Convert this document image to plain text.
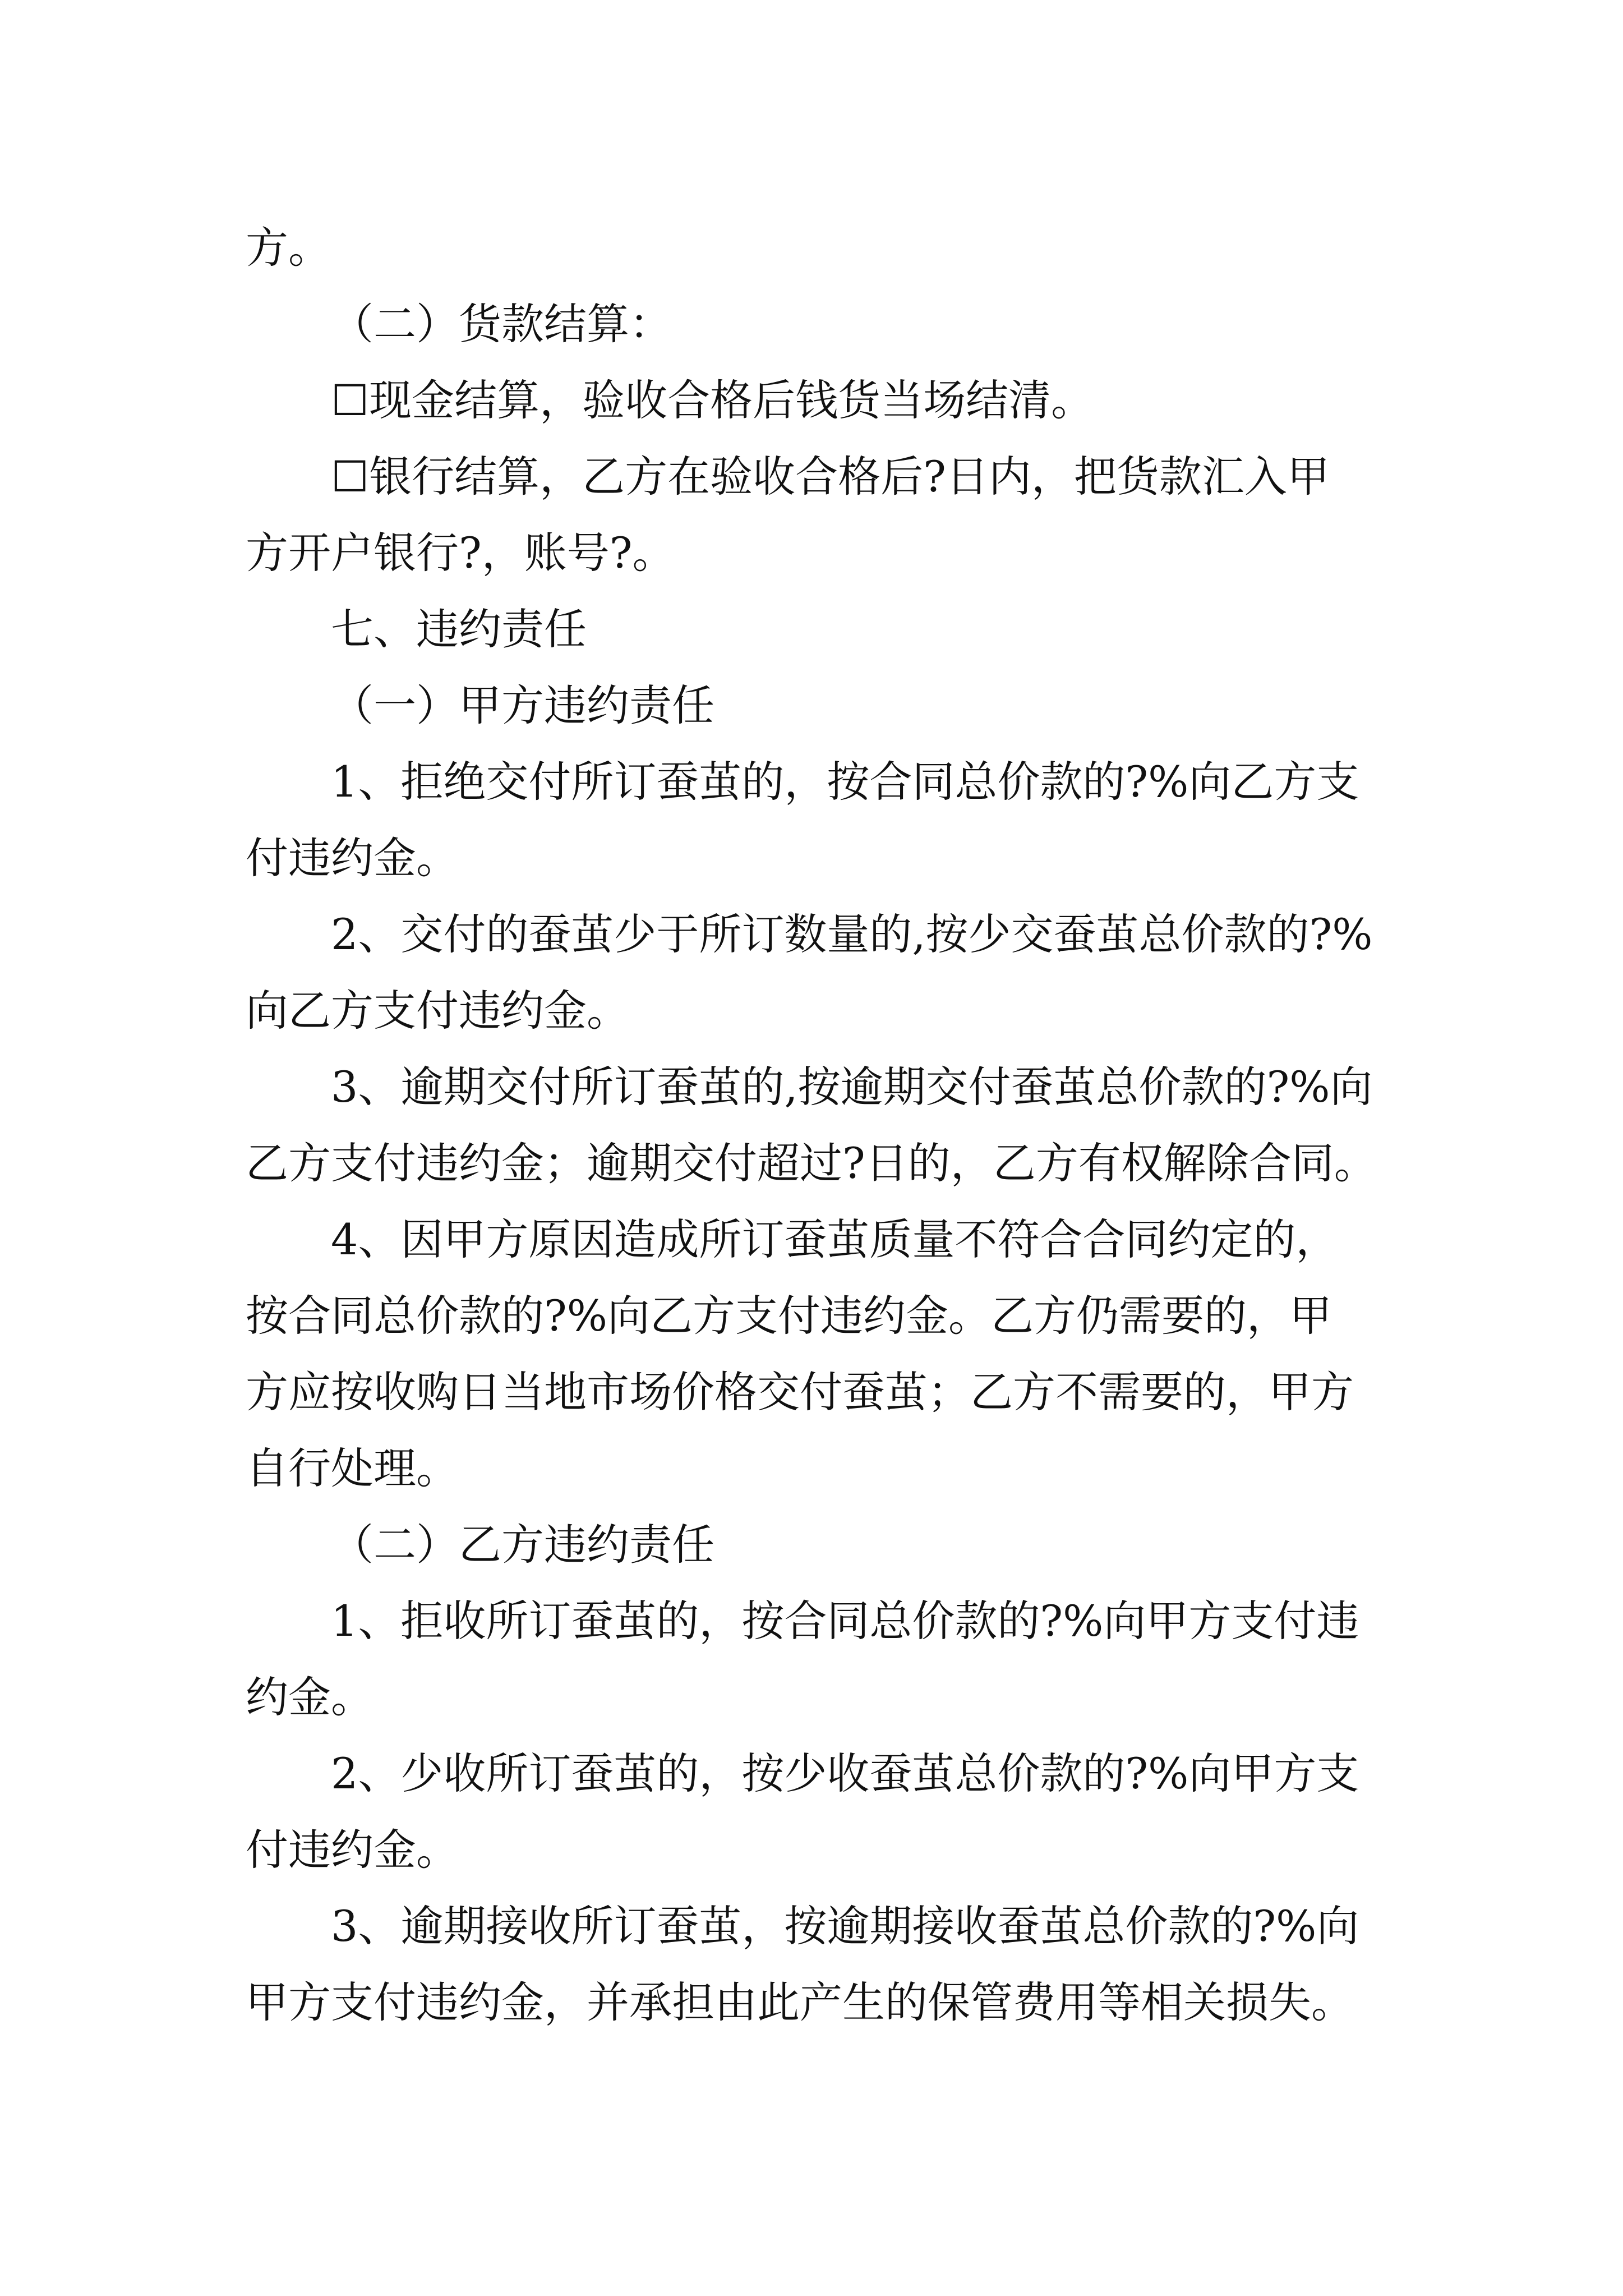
方。
（二）货款结算：
☐现金结算，验收合格后钱货当场结清。
☐银行结算，乙方在验收合格后?日内，把货款汇入甲
方开户银行?，账号?。
七、违约责任
（一）甲方违约责任
1、拒绝交付所订蚕茧的，按合同总价款的?%向乙方支
付违约金。
2、交付的蚕茧少于所订数量的,按少交蚕茧总价款的?%
向乙方支付违约金。
3、逾期交付所订蚕茧的,按逾期交付蚕茧总价款的?%向
乙方支付违约金；逾期交付超过?日的，乙方有权解除合同。
4、因甲方原因造成所订蚕茧质量不符合合同约定的，
按合同总价款的?%向乙方支付违约金。乙方仍需要的，甲
方应按收购日当地市场价格交付蚕茧；乙方不需要的，甲方
自行处理。
（二）乙方违约责任
1、拒收所订蚕茧的，按合同总价款的?%向甲方支付违
约金。
2、少收所订蚕茧的，按少收蚕茧总价款的?%向甲方支
付违约金。
3、逾期接收所订蚕茧，按逾期接收蚕茧总价款的?%向
甲方支付违约金，并承担由此产生的保管费用等相关损失。
